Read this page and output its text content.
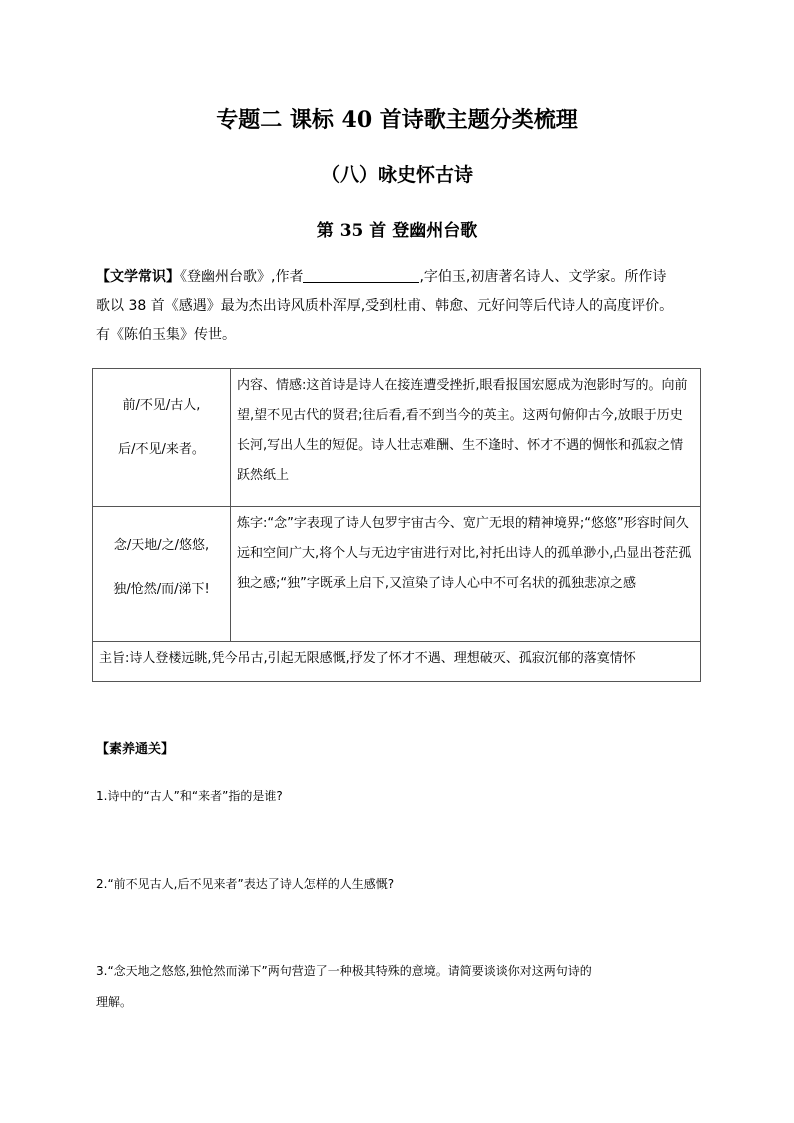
专题二 课标 40 首诗歌主题分类梳理
（八）咏史怀古诗
第 35 首 登幽州台歌
【文学常识】《登幽州台歌》,作者	,字伯玉,初唐著名诗人、文学家。所作诗
歌以 38 首《感遇》最为杰出诗风质朴浑厚,受到杜甫、韩愈、元好问等后代诗人的高度评价。
有《陈伯玉集》传世。
前/不见/古人,
后/不见/来者。	内容、情感:这首诗是诗人在接连遭受挫折,眼看报国宏愿成为泡影时写的。向前望,望不见古代的贤君;往后看,看不到当今的英主。这两句俯仰古今,放眼于历史长河,写出人生的短促。诗人壮志难酬、生不逢时、怀才不遇的惆怅和孤寂之情跃然纸上

念/天地/之/悠悠,
独/怆然/而/涕下!	炼字:“念”字表现了诗人包罗宇宙古今、宽广无垠的精神境界;“悠悠”形容时间久远和空间广大,将个人与无边宇宙进行对比,衬托出诗人的孤单渺小,凸显出苍茫孤独之感;“独”字既承上启下,又渲染了诗人心中不可名状的孤独悲凉之感
主旨:诗人登楼远眺,凭今吊古,引起无限感慨,抒发了怀才不遇、理想破灭、孤寂沉郁的落寞情怀	
【素养通关】
1.诗中的“古人”和“来者”指的是谁?
2.“前不见古人,后不见来者”表达了诗人怎样的人生感慨?
3.“念天地之悠悠,独怆然而涕下”两句营造了一种极其特殊的意境。请简要谈谈你对这两句诗的
理解。
